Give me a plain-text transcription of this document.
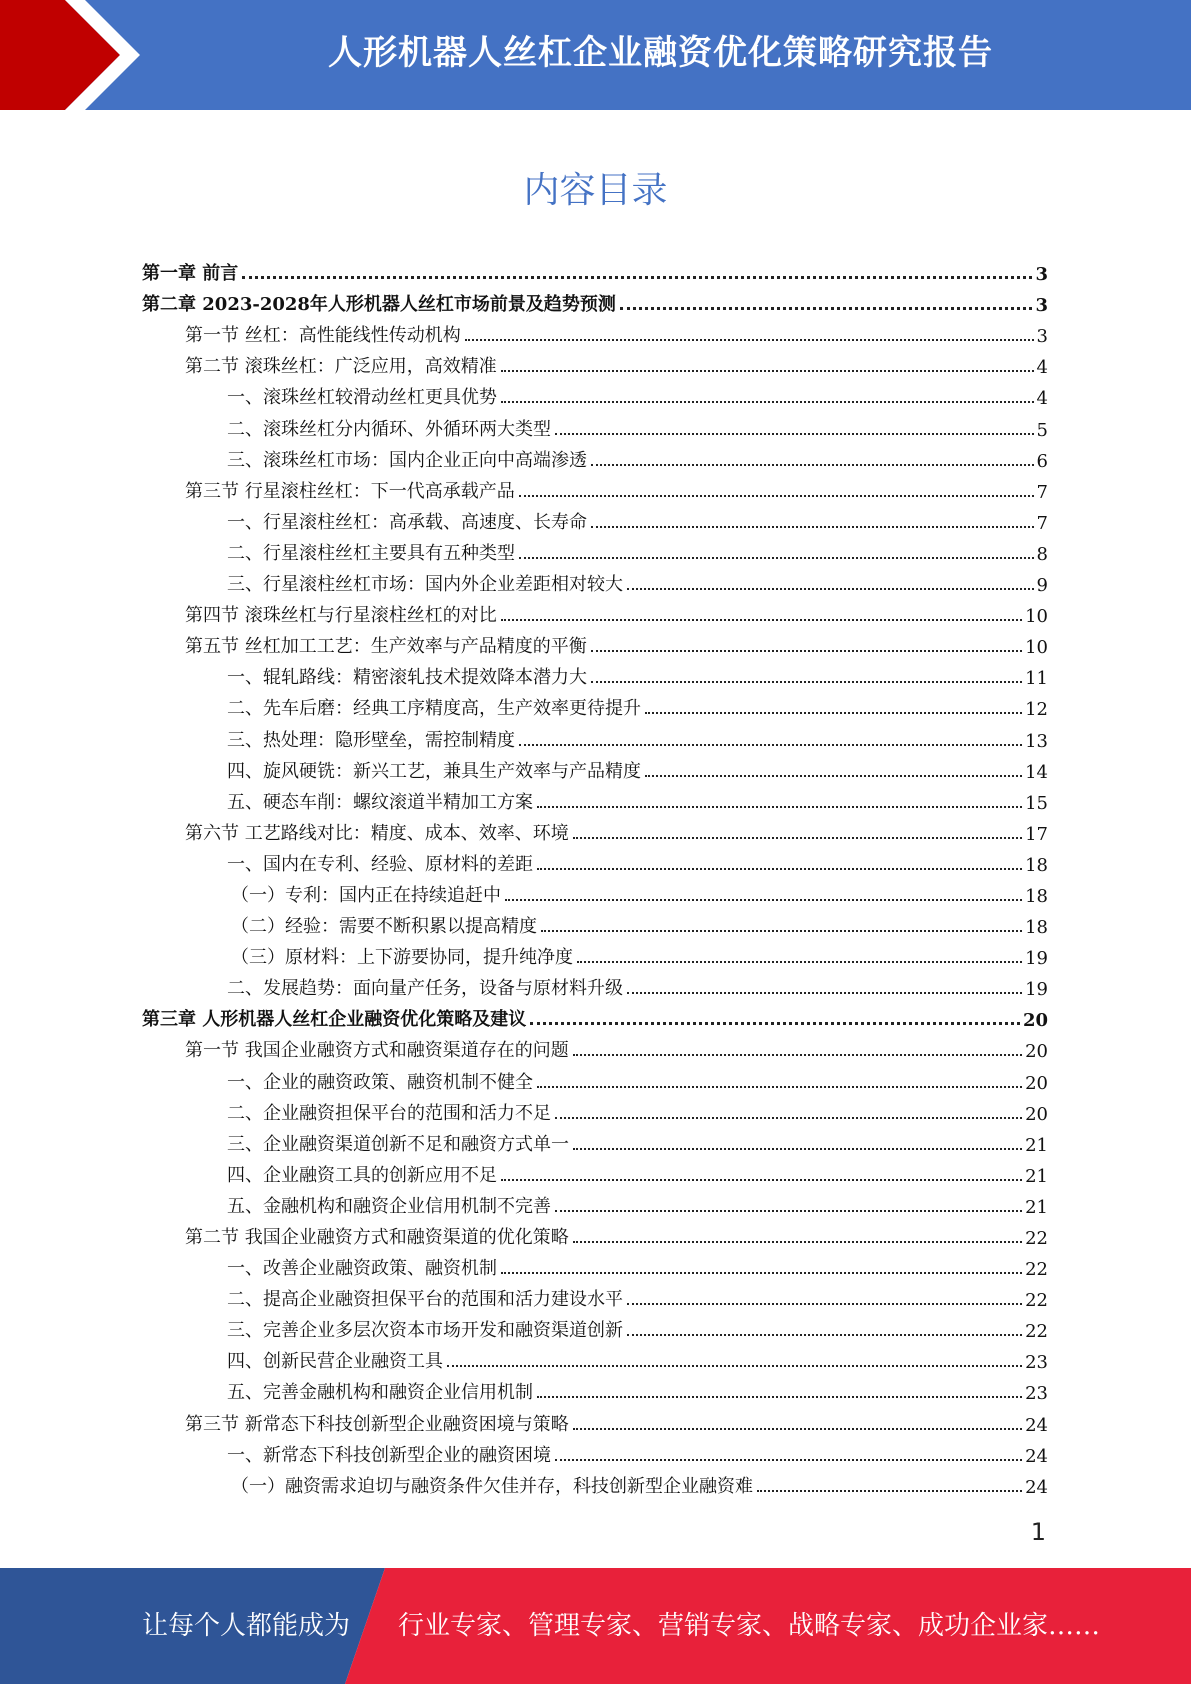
人形机器人丝杠企业融资优化策略研究报告
内容目录
第一章 前言	3
第二章 2023-2028年人形机器人丝杠市场前景及趋势预测	3
第一节 丝杠：高性能线性传动机构	3
第二节 滚珠丝杠：广泛应用，高效精准	4
一、滚珠丝杠较滑动丝杠更具优势	4
二、滚珠丝杠分内循环、外循环两大类型	5
三、滚珠丝杠市场：国内企业正向中高端渗透	6
第三节 行星滚柱丝杠：下一代高承载产品	7
一、行星滚柱丝杠：高承载、高速度、长寿命	7
二、行星滚柱丝杠主要具有五种类型	8
三、行星滚柱丝杠市场：国内外企业差距相对较大	9
第四节 滚珠丝杠与行星滚柱丝杠的对比	10
第五节 丝杠加工工艺：生产效率与产品精度的平衡	10
一、辊轧路线：精密滚轧技术提效降本潜力大	11
二、先车后磨：经典工序精度高，生产效率更待提升	12
三、热处理：隐形壁垒，需控制精度	13
四、旋风硬铣：新兴工艺，兼具生产效率与产品精度	14
五、硬态车削：螺纹滚道半精加工方案	15
第六节 工艺路线对比：精度、成本、效率、环境	17
一、国内在专利、经验、原材料的差距	18
（一）专利：国内正在持续追赶中	18
（二）经验：需要不断积累以提高精度	18
（三）原材料：上下游要协同，提升纯净度	19
二、发展趋势：面向量产任务，设备与原材料升级	19
第三章 人形机器人丝杠企业融资优化策略及建议	20
第一节 我国企业融资方式和融资渠道存在的问题	20
一、企业的融资政策、融资机制不健全	20
二、企业融资担保平台的范围和活力不足	20
三、企业融资渠道创新不足和融资方式单一	21
四、企业融资工具的创新应用不足	21
五、金融机构和融资企业信用机制不完善	21
第二节 我国企业融资方式和融资渠道的优化策略	22
一、改善企业融资政策、融资机制	22
二、提高企业融资担保平台的范围和活力建设水平	22
三、完善企业多层次资本市场开发和融资渠道创新	22
四、创新民营企业融资工具	23
五、完善金融机构和融资企业信用机制	23
第三节 新常态下科技创新型企业融资困境与策略	24
一、新常态下科技创新型企业的融资困境	24
（一）融资需求迫切与融资条件欠佳并存，科技创新型企业融资难	24
1
让每个人都能成为 行业专家、管理专家、营销专家、战略专家、成功企业家……
